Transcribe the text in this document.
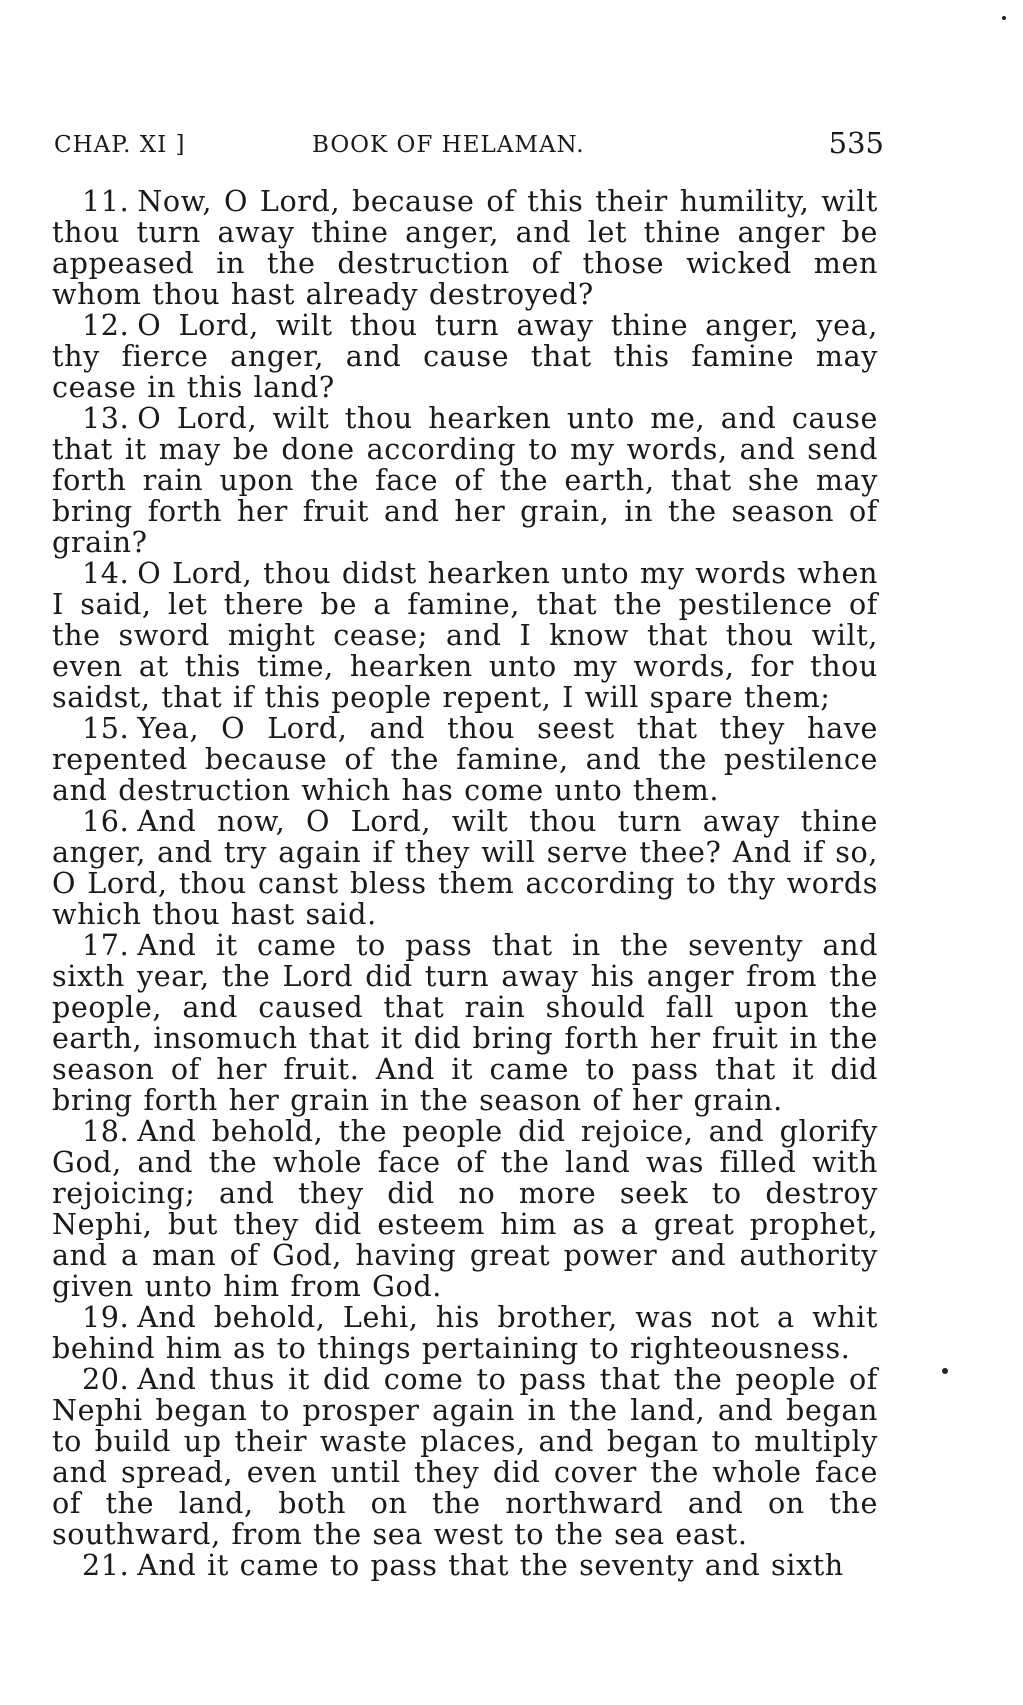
CHAP. XI ]	BOOK OF HELAMAN.	535

11. Now, O Lord, because of this their humility, wilt thou turn away thine anger, and let thine anger be appeased in the destruction of those wicked men whom thou hast already destroyed?

12. O Lord, wilt thou turn away thine anger, yea, thy fierce anger, and cause that this famine may cease in this land?

13. O Lord, wilt thou hearken unto me, and cause that it may be done according to my words, and send forth rain upon the face of the earth, that she may bring forth her fruit and her grain, in the season of grain?

14. O Lord, thou didst hearken unto my words when I said, let there be a famine, that the pestilence of the sword might cease; and I know that thou wilt, even at this time, hearken unto my words, for thou saidst, that if this people repent, I will spare them;

15. Yea, O Lord, and thou seest that they have repented because of the famine, and the pestilence and destruction which has come unto them.

16. And now, O Lord, wilt thou turn away thine anger, and try again if they will serve thee? And if so, O Lord, thou canst bless them according to thy words which thou hast said.

17. And it came to pass that in the seventy and sixth year, the Lord did turn away his anger from the people, and caused that rain should fall upon the earth, insomuch that it did bring forth her fruit in the season of her fruit. And it came to pass that it did bring forth her grain in the season of her grain.

18. And behold, the people did rejoice, and glorify God, and the whole face of the land was filled with rejoicing; and they did no more seek to destroy Nephi, but they did esteem him as a great prophet, and a man of God, having great power and authority given unto him from God.

19. And behold, Lehi, his brother, was not a whit behind him as to things pertaining to righteousness.

20. And thus it did come to pass that the people of Nephi began to prosper again in the land, and began to build up their waste places, and began to multiply and spread, even until they did cover the whole face of the land, both on the northward and on the southward, from the sea west to the sea east.

21. And it came to pass that the seventy and sixth
